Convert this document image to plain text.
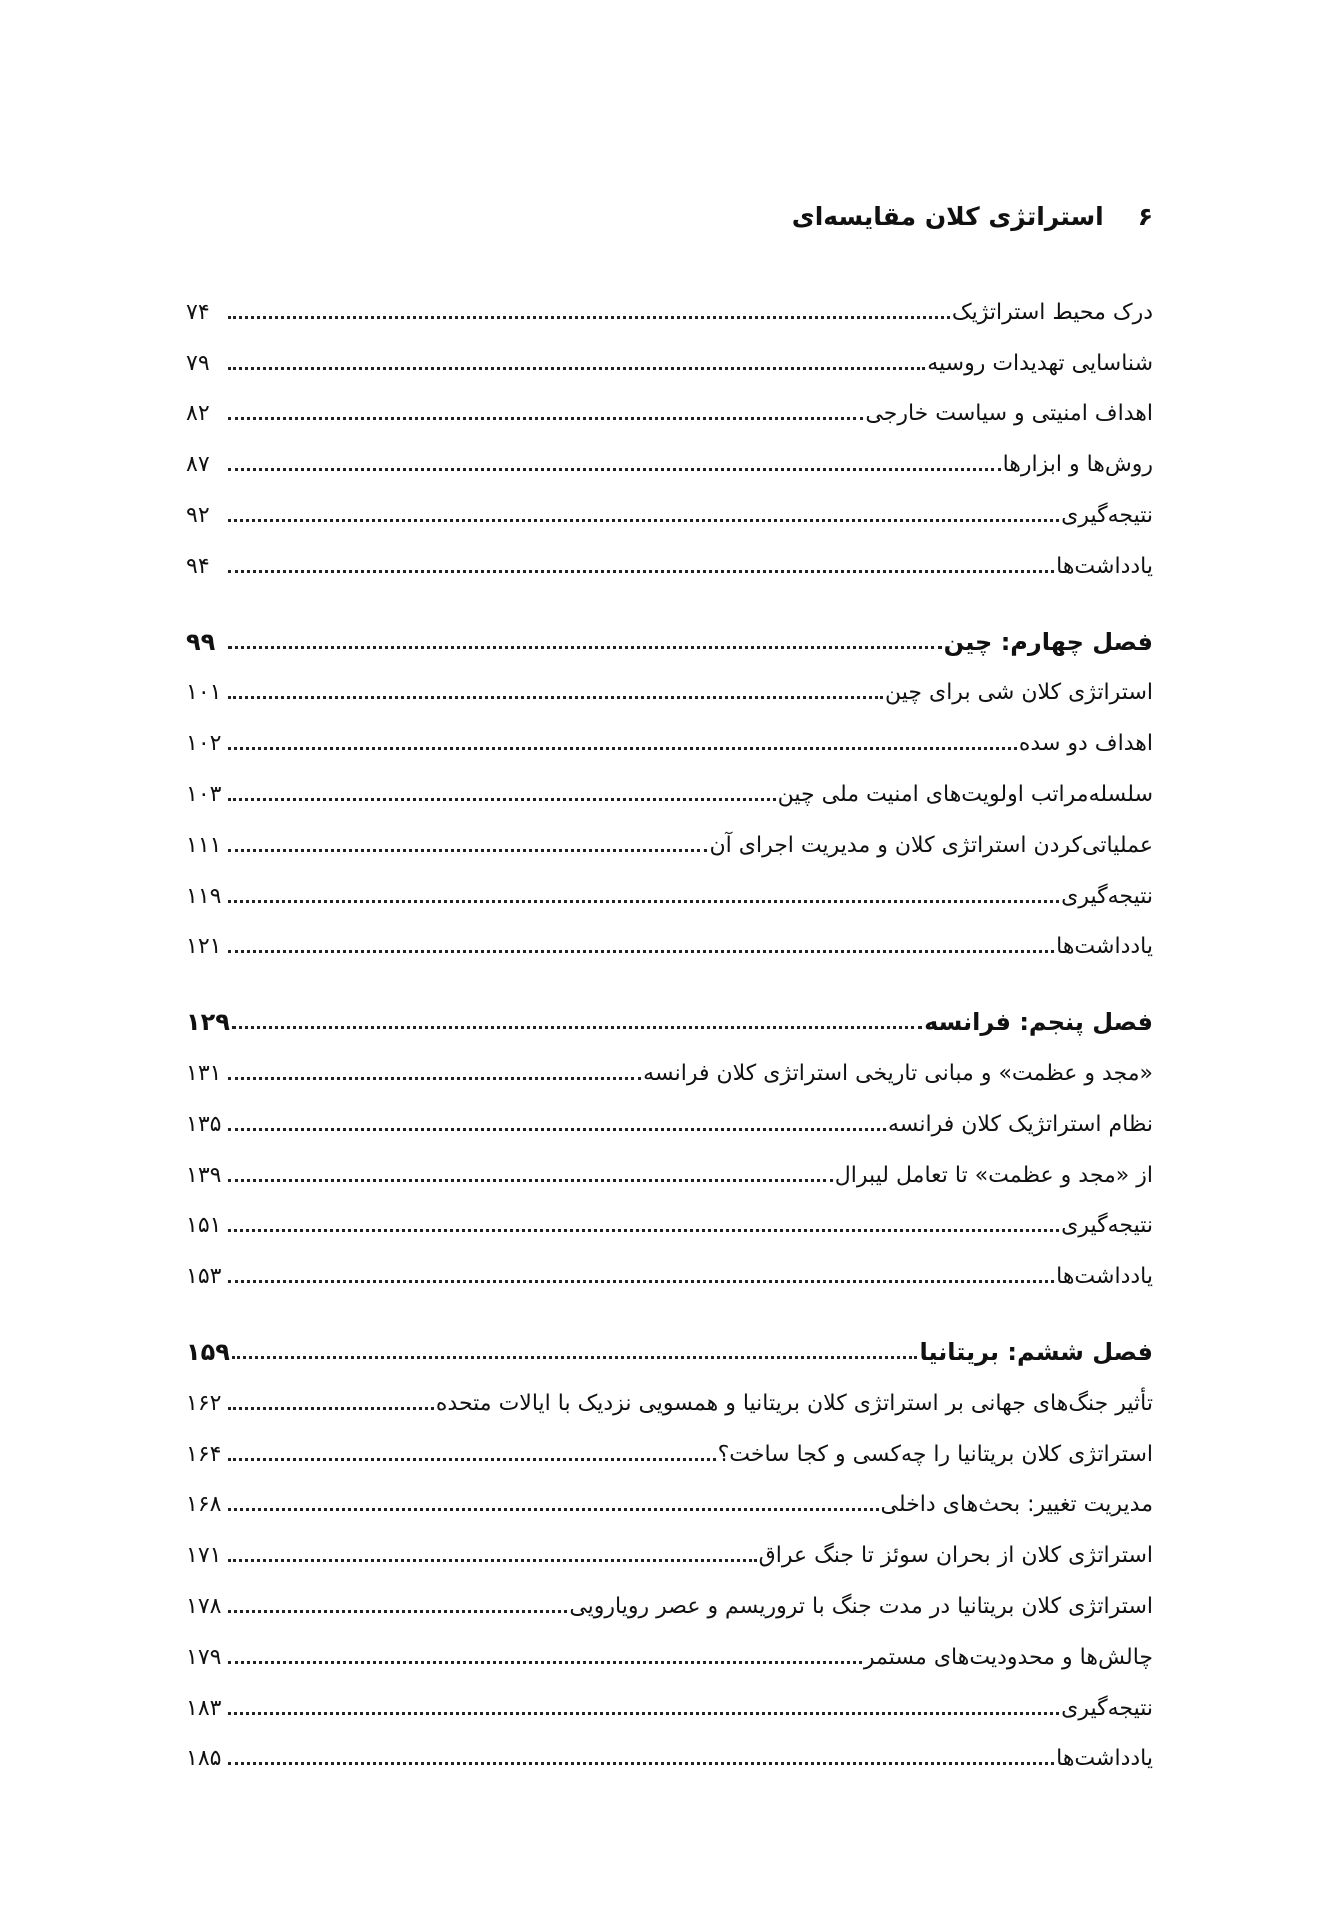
۶
استراتژی کلان مقایسه‌ای
درک محیط استراتژیک
۷۴
شناسایی تهدیدات روسیه
۷۹
اهداف امنیتی و سیاست خارجی
۸۲
روش‌ها و ابزارها
۸۷
نتیجه‌گیری
۹۲
یادداشت‌ها
۹۴
فصل چهارم: چین
۹۹
استراتژی کلان شی برای چین
۱۰۱
اهداف دو سده
۱۰۲
سلسله‌مراتب اولویت‌های امنیت ملی چین
۱۰۳
عملیاتی‌کردن استراتژی کلان و مدیریت اجرای آن
۱۱۱
نتیجه‌گیری
۱۱۹
یادداشت‌ها
۱۲۱
فصل پنجم: فرانسه
۱۲۹
«مجد و عظمت» و مبانی تاریخی استراتژی کلان فرانسه
۱۳۱
نظام استراتژیک کلان فرانسه
۱۳۵
از «مجد و عظمت» تا تعامل لیبرال
۱۳۹
نتیجه‌گیری
۱۵۱
یادداشت‌ها
۱۵۳
فصل ششم: بریتانیا
۱۵۹
تأثیر جنگ‌های جهانی بر استراتژی کلان بریتانیا و همسویی نزدیک با ایالات متحده
۱۶۲
استراتژی کلان بریتانیا را چه‌کسی و کجا ساخت؟
۱۶۴
مدیریت تغییر: بحث‌های داخلی
۱۶۸
استراتژی کلان از بحران سوئز تا جنگ عراق
۱۷۱
استراتژی کلان بریتانیا در مدت جنگ با تروریسم و عصر رویارویی
۱۷۸
چالش‌ها و محدودیت‌های مستمر
۱۷۹
نتیجه‌گیری
۱۸۳
یادداشت‌ها
۱۸۵
